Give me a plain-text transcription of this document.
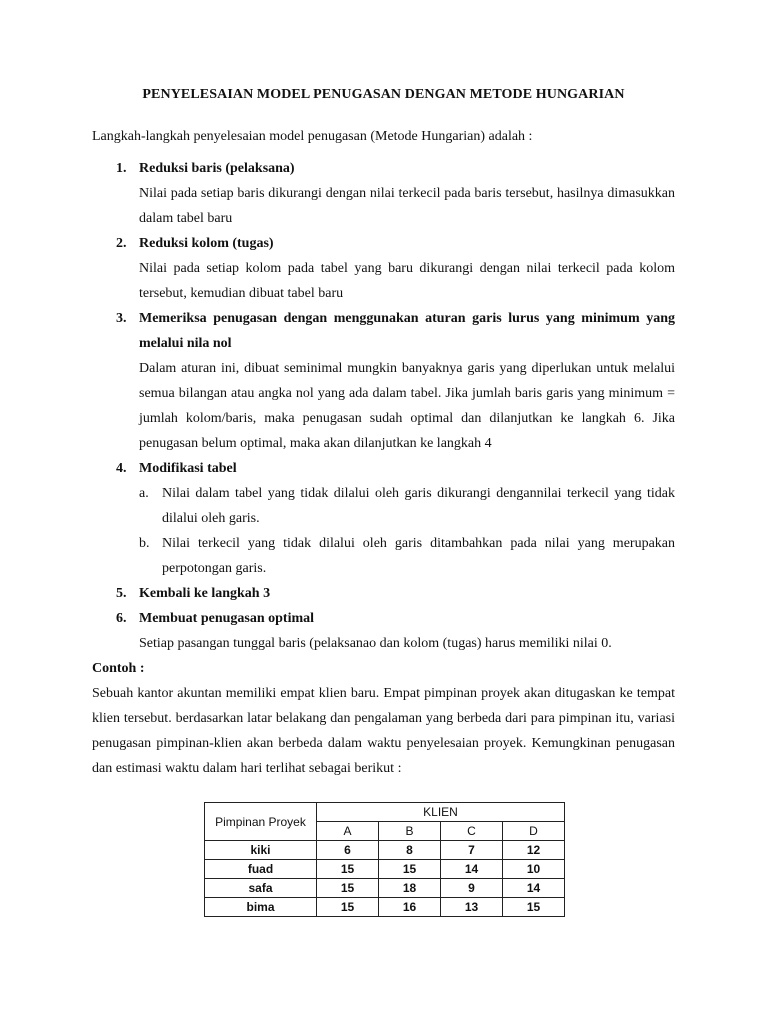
PENYELESAIAN MODEL PENUGASAN DENGAN METODE HUNGARIAN
Langkah-langkah penyelesaian model penugasan (Metode Hungarian) adalah :
1. Reduksi baris (pelaksana)
Nilai pada setiap baris dikurangi dengan nilai terkecil pada baris tersebut, hasilnya dimasukkan dalam tabel baru
2. Reduksi kolom (tugas)
Nilai pada setiap kolom pada tabel yang baru dikurangi dengan nilai terkecil pada kolom tersebut, kemudian dibuat tabel baru
3. Memeriksa penugasan dengan menggunakan aturan garis lurus yang minimum yang melalui nila nol
Dalam aturan ini, dibuat seminimal mungkin banyaknya garis yang diperlukan untuk melalui semua bilangan atau angka nol yang ada dalam tabel. Jika jumlah baris garis yang minimum = jumlah kolom/baris, maka penugasan sudah optimal dan dilanjutkan ke langkah 6. Jika penugasan belum optimal, maka akan dilanjutkan ke langkah 4
4. Modifikasi tabel
a. Nilai dalam tabel yang tidak dilalui oleh garis dikurangi dengannilai terkecil yang tidak dilalui oleh garis.
b. Nilai terkecil yang tidak dilalui oleh garis ditambahkan pada nilai yang merupakan perpotongan garis.
5. Kembali ke langkah 3
6. Membuat penugasan optimal
Setiap pasangan tunggal baris (pelaksanao dan kolom (tugas) harus memiliki nilai 0.
Contoh :
Sebuah kantor akuntan memiliki empat klien baru. Empat pimpinan proyek akan ditugaskan ke tempat klien tersebut. berdasarkan latar belakang dan pengalaman yang berbeda dari para pimpinan itu, variasi penugasan pimpinan-klien akan berbeda dalam waktu penyelesaian proyek. Kemungkinan penugasan dan estimasi waktu dalam hari terlihat sebagai berikut :
Pimpinan Proyek	KLIEN			
	A	B	C	D
kiki	6	8	7	12
fuad	15	15	14	10
safa	15	18	9	14
bima	15	16	13	15
